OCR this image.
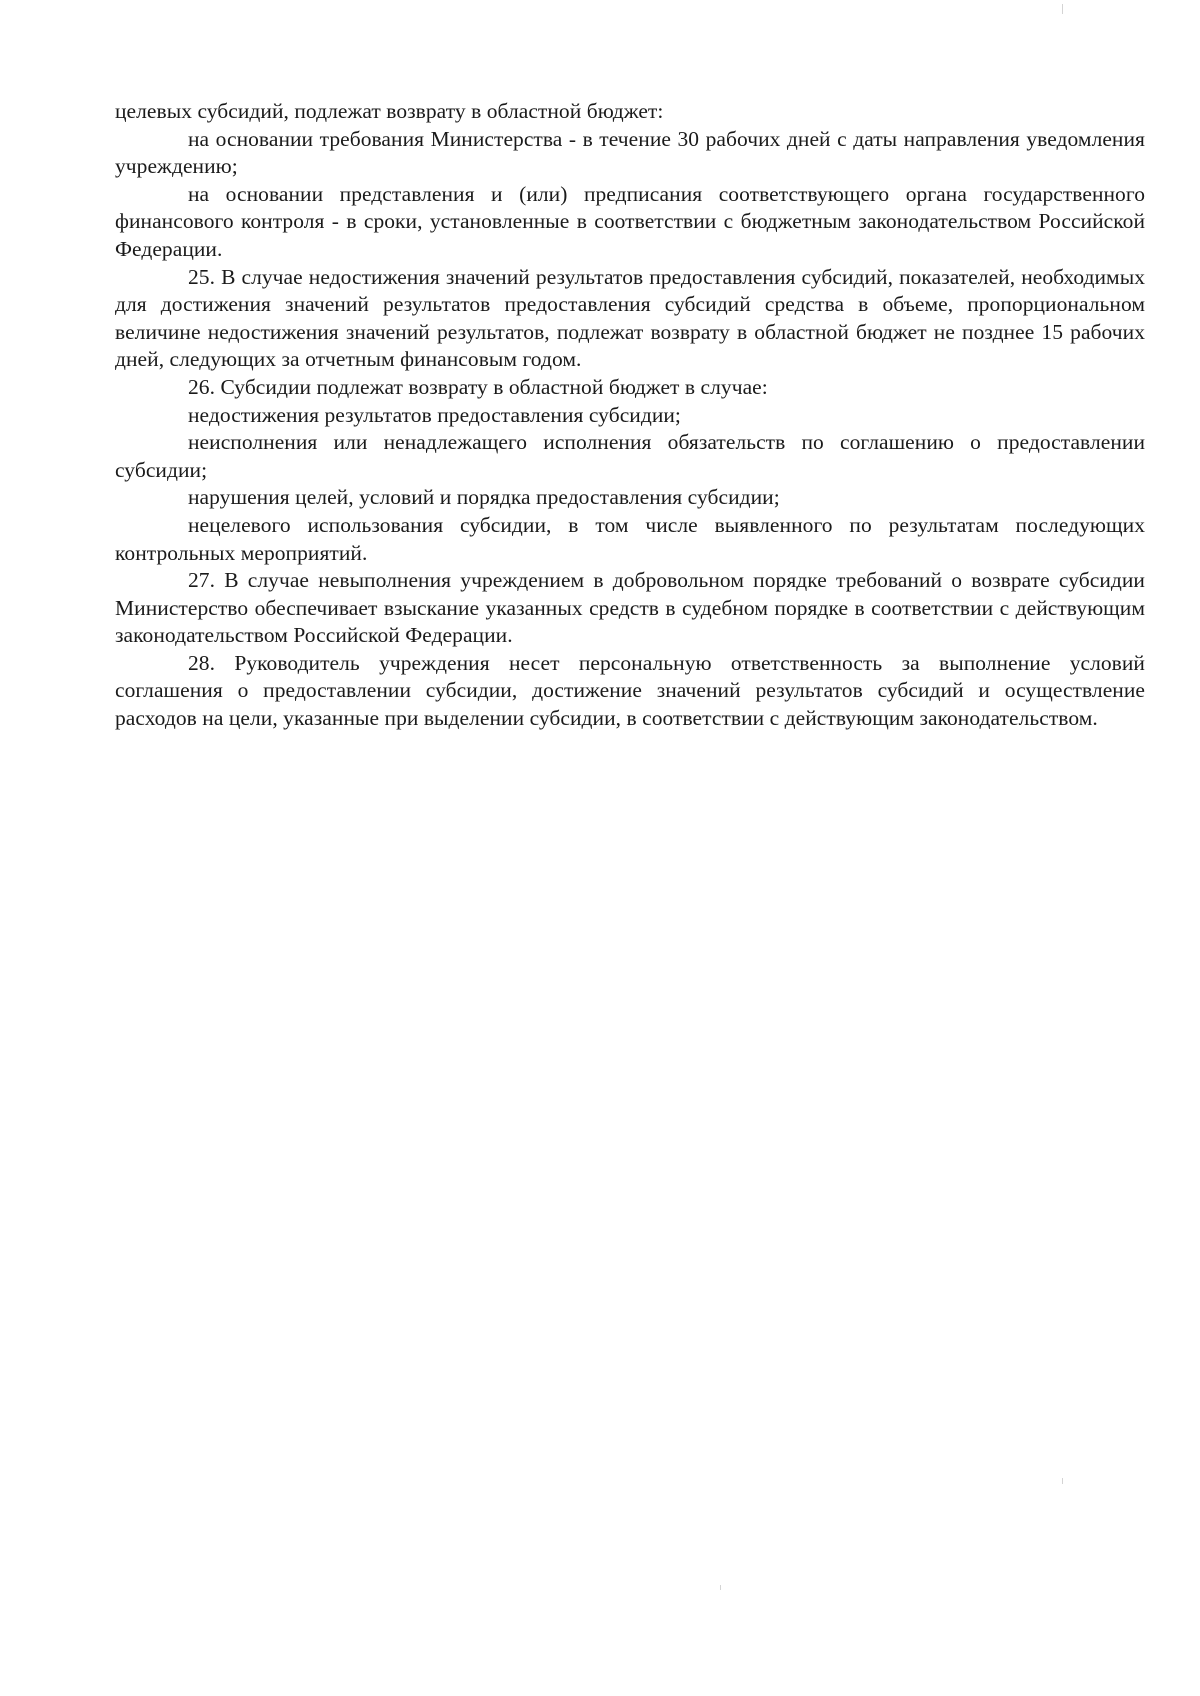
целевых субсидий, подлежат возврату в областной бюджет:

на основании требования Министерства - в течение 30 рабочих дней с даты направления уведомления учреждению;

на основании представления и (или) предписания соответствующего органа государственного финансового контроля - в сроки, установленные в соответствии с бюджетным законодательством Российской Федерации.

25. В случае недостижения значений результатов предоставления субсидий, показателей, необходимых для достижения значений результатов предоставления субсидий средства в объеме, пропорциональном величине недостижения значений результатов, подлежат возврату в областной бюджет не позднее 15 рабочих дней, следующих за отчетным финансовым годом.

26. Субсидии подлежат возврату в областной бюджет в случае:

недостижения результатов предоставления субсидии;

неисполнения или ненадлежащего исполнения обязательств по соглашению о предоставлении субсидии;

нарушения целей, условий и порядка предоставления субсидии;

нецелевого использования субсидии, в том числе выявленного по результатам последующих контрольных мероприятий.

27. В случае невыполнения учреждением в добровольном порядке требований о возврате субсидии Министерство обеспечивает взыскание указанных средств в судебном порядке в соответствии с действующим законодательством Российской Федерации.

28. Руководитель учреждения несет персональную ответственность за выполнение условий соглашения о предоставлении субсидии, достижение значений результатов субсидий и осуществление расходов на цели, указанные при выделении субсидии, в соответствии с действующим законодательством.
